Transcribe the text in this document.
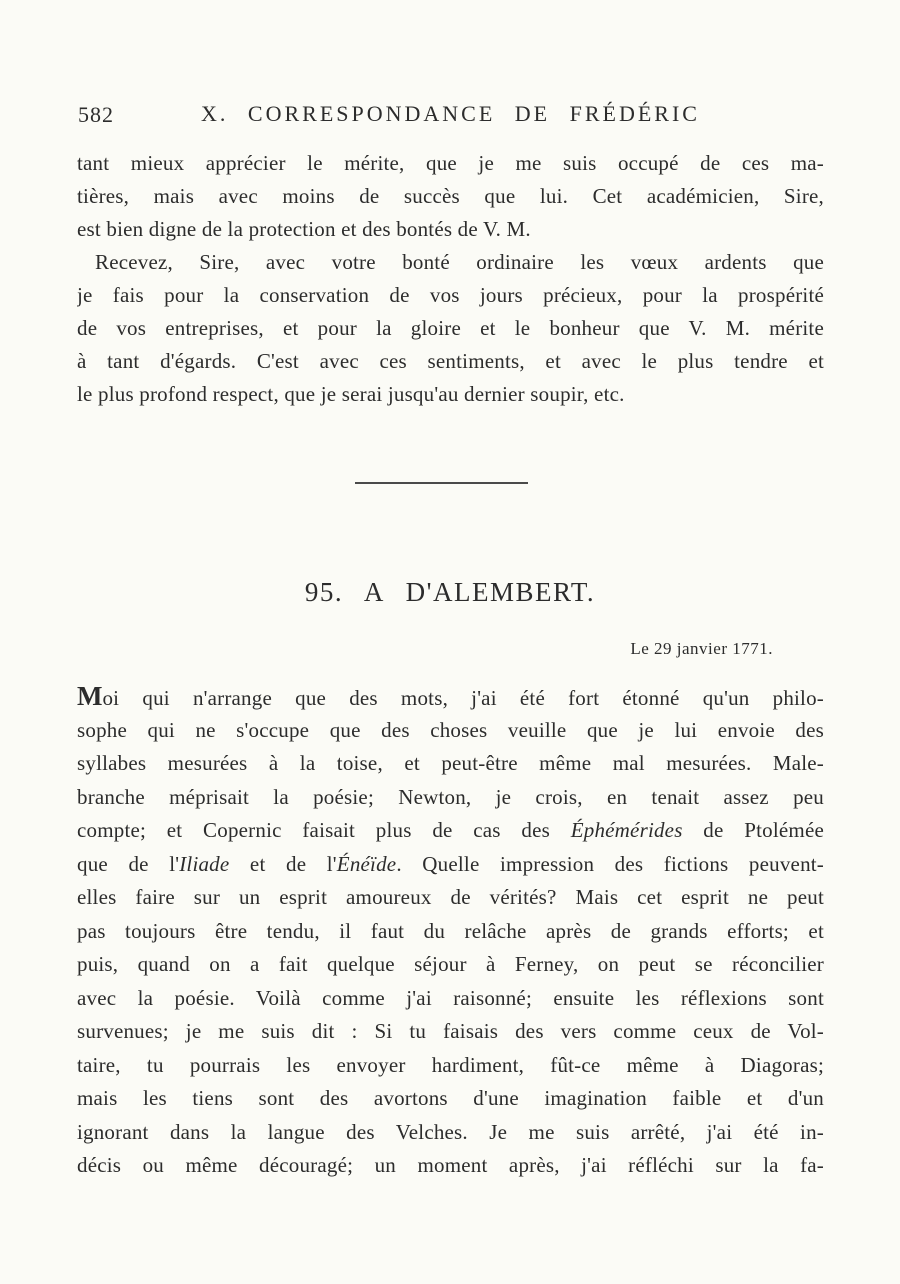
582	X. CORRESPONDANCE DE FRÉDÉRIC
tant mieux apprécier le mérite, que je me suis occupé de ces ma-
tières, mais avec moins de succès que lui. Cet académicien, Sire,
est bien digne de la protection et des bontés de V. M.
Recevez, Sire, avec votre bonté ordinaire les vœux ardents que
je fais pour la conservation de vos jours précieux, pour la prospérité
de vos entreprises, et pour la gloire et le bonheur que V. M. mérite
à tant d'égards. C'est avec ces sentiments, et avec le plus tendre et
le plus profond respect, que je serai jusqu'au dernier soupir, etc.
95. A D'ALEMBERT.
Le 29 janvier 1771.
Moi qui n'arrange que des mots, j'ai été fort étonné qu'un philo-
sophe qui ne s'occupe que des choses veuille que je lui envoie des
syllabes mesurées à la toise, et peut-être même mal mesurées. Male-
branche méprisait la poésie; Newton, je crois, en tenait assez peu
compte; et Copernic faisait plus de cas des Éphémérides de Ptolémée
que de l'Iliade et de l'Énéïde. Quelle impression des fictions peuvent-
elles faire sur un esprit amoureux de vérités? Mais cet esprit ne peut
pas toujours être tendu, il faut du relâche après de grands efforts; et
puis, quand on a fait quelque séjour à Ferney, on peut se réconcilier
avec la poésie. Voilà comme j'ai raisonné; ensuite les réflexions sont
survenues; je me suis dit : Si tu faisais des vers comme ceux de Vol-
taire, tu pourrais les envoyer hardiment, fût-ce même à Diagoras;
mais les tiens sont des avortons d'une imagination faible et d'un
ignorant dans la langue des Velches. Je me suis arrêté, j'ai été in-
décis ou même découragé; un moment après, j'ai réfléchi sur la fa-
